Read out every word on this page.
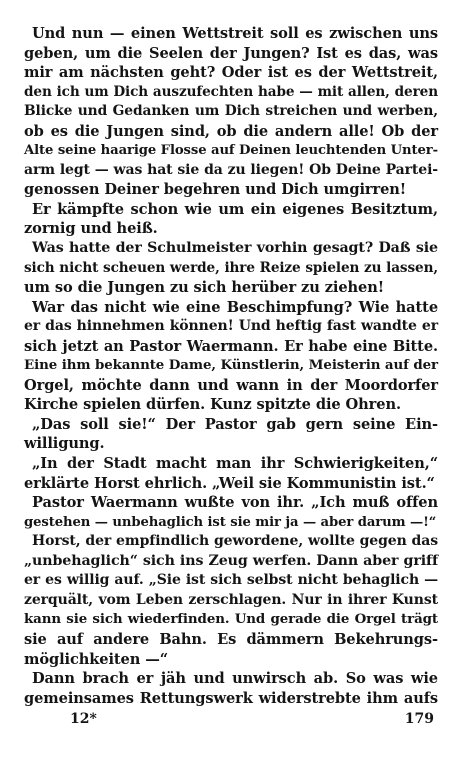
Und nun — einen Wettstreit soll es zwischen uns
geben, um die Seelen der Jungen? Ist es das, was
mir am nächsten geht? Oder ist es der Wettstreit,
den ich um Dich auszufechten habe — mit allen, deren
Blicke und Gedanken um Dich streichen und werben,
ob es die Jungen sind, ob die andern alle! Ob der
Alte seine haarige Flosse auf Deinen leuchtenden Unter-
arm legt — was hat sie da zu liegen! Ob Deine Partei-
genossen Deiner begehren und Dich umgirren!
Er kämpfte schon wie um ein eigenes Besitztum,
zornig und heiß.
Was hatte der Schulmeister vorhin gesagt? Daß sie
sich nicht scheuen werde, ihre Reize spielen zu lassen,
um so die Jungen zu sich herüber zu ziehen!
War das nicht wie eine Beschimpfung? Wie hatte
er das hinnehmen können! Und heftig fast wandte er
sich jetzt an Pastor Waermann. Er habe eine Bitte.
Eine ihm bekannte Dame, Künstlerin, Meisterin auf der
Orgel, möchte dann und wann in der Moordorfer
Kirche spielen dürfen. Kunz spitzte die Ohren.
„Das soll sie!“ Der Pastor gab gern seine Ein-
willigung.
„In der Stadt macht man ihr Schwierigkeiten,“
erklärte Horst ehrlich. „Weil sie Kommunistin ist.“
Pastor Waermann wußte von ihr. „Ich muß offen
gestehen — unbehaglich ist sie mir ja — aber darum —!“
Horst, der empfindlich gewordene, wollte gegen das
„unbehaglich“ sich ins Zeug werfen. Dann aber griff
er es willig auf. „Sie ist sich selbst nicht behaglich —
zerquält, vom Leben zerschlagen. Nur in ihrer Kunst
kann sie sich wiederfinden. Und gerade die Orgel trägt
sie auf andere Bahn. Es dämmern Bekehrungs-
möglichkeiten —“
Dann brach er jäh und unwirsch ab. So was wie
gemeinsames Rettungswerk widerstrebte ihm aufs
12*	179
